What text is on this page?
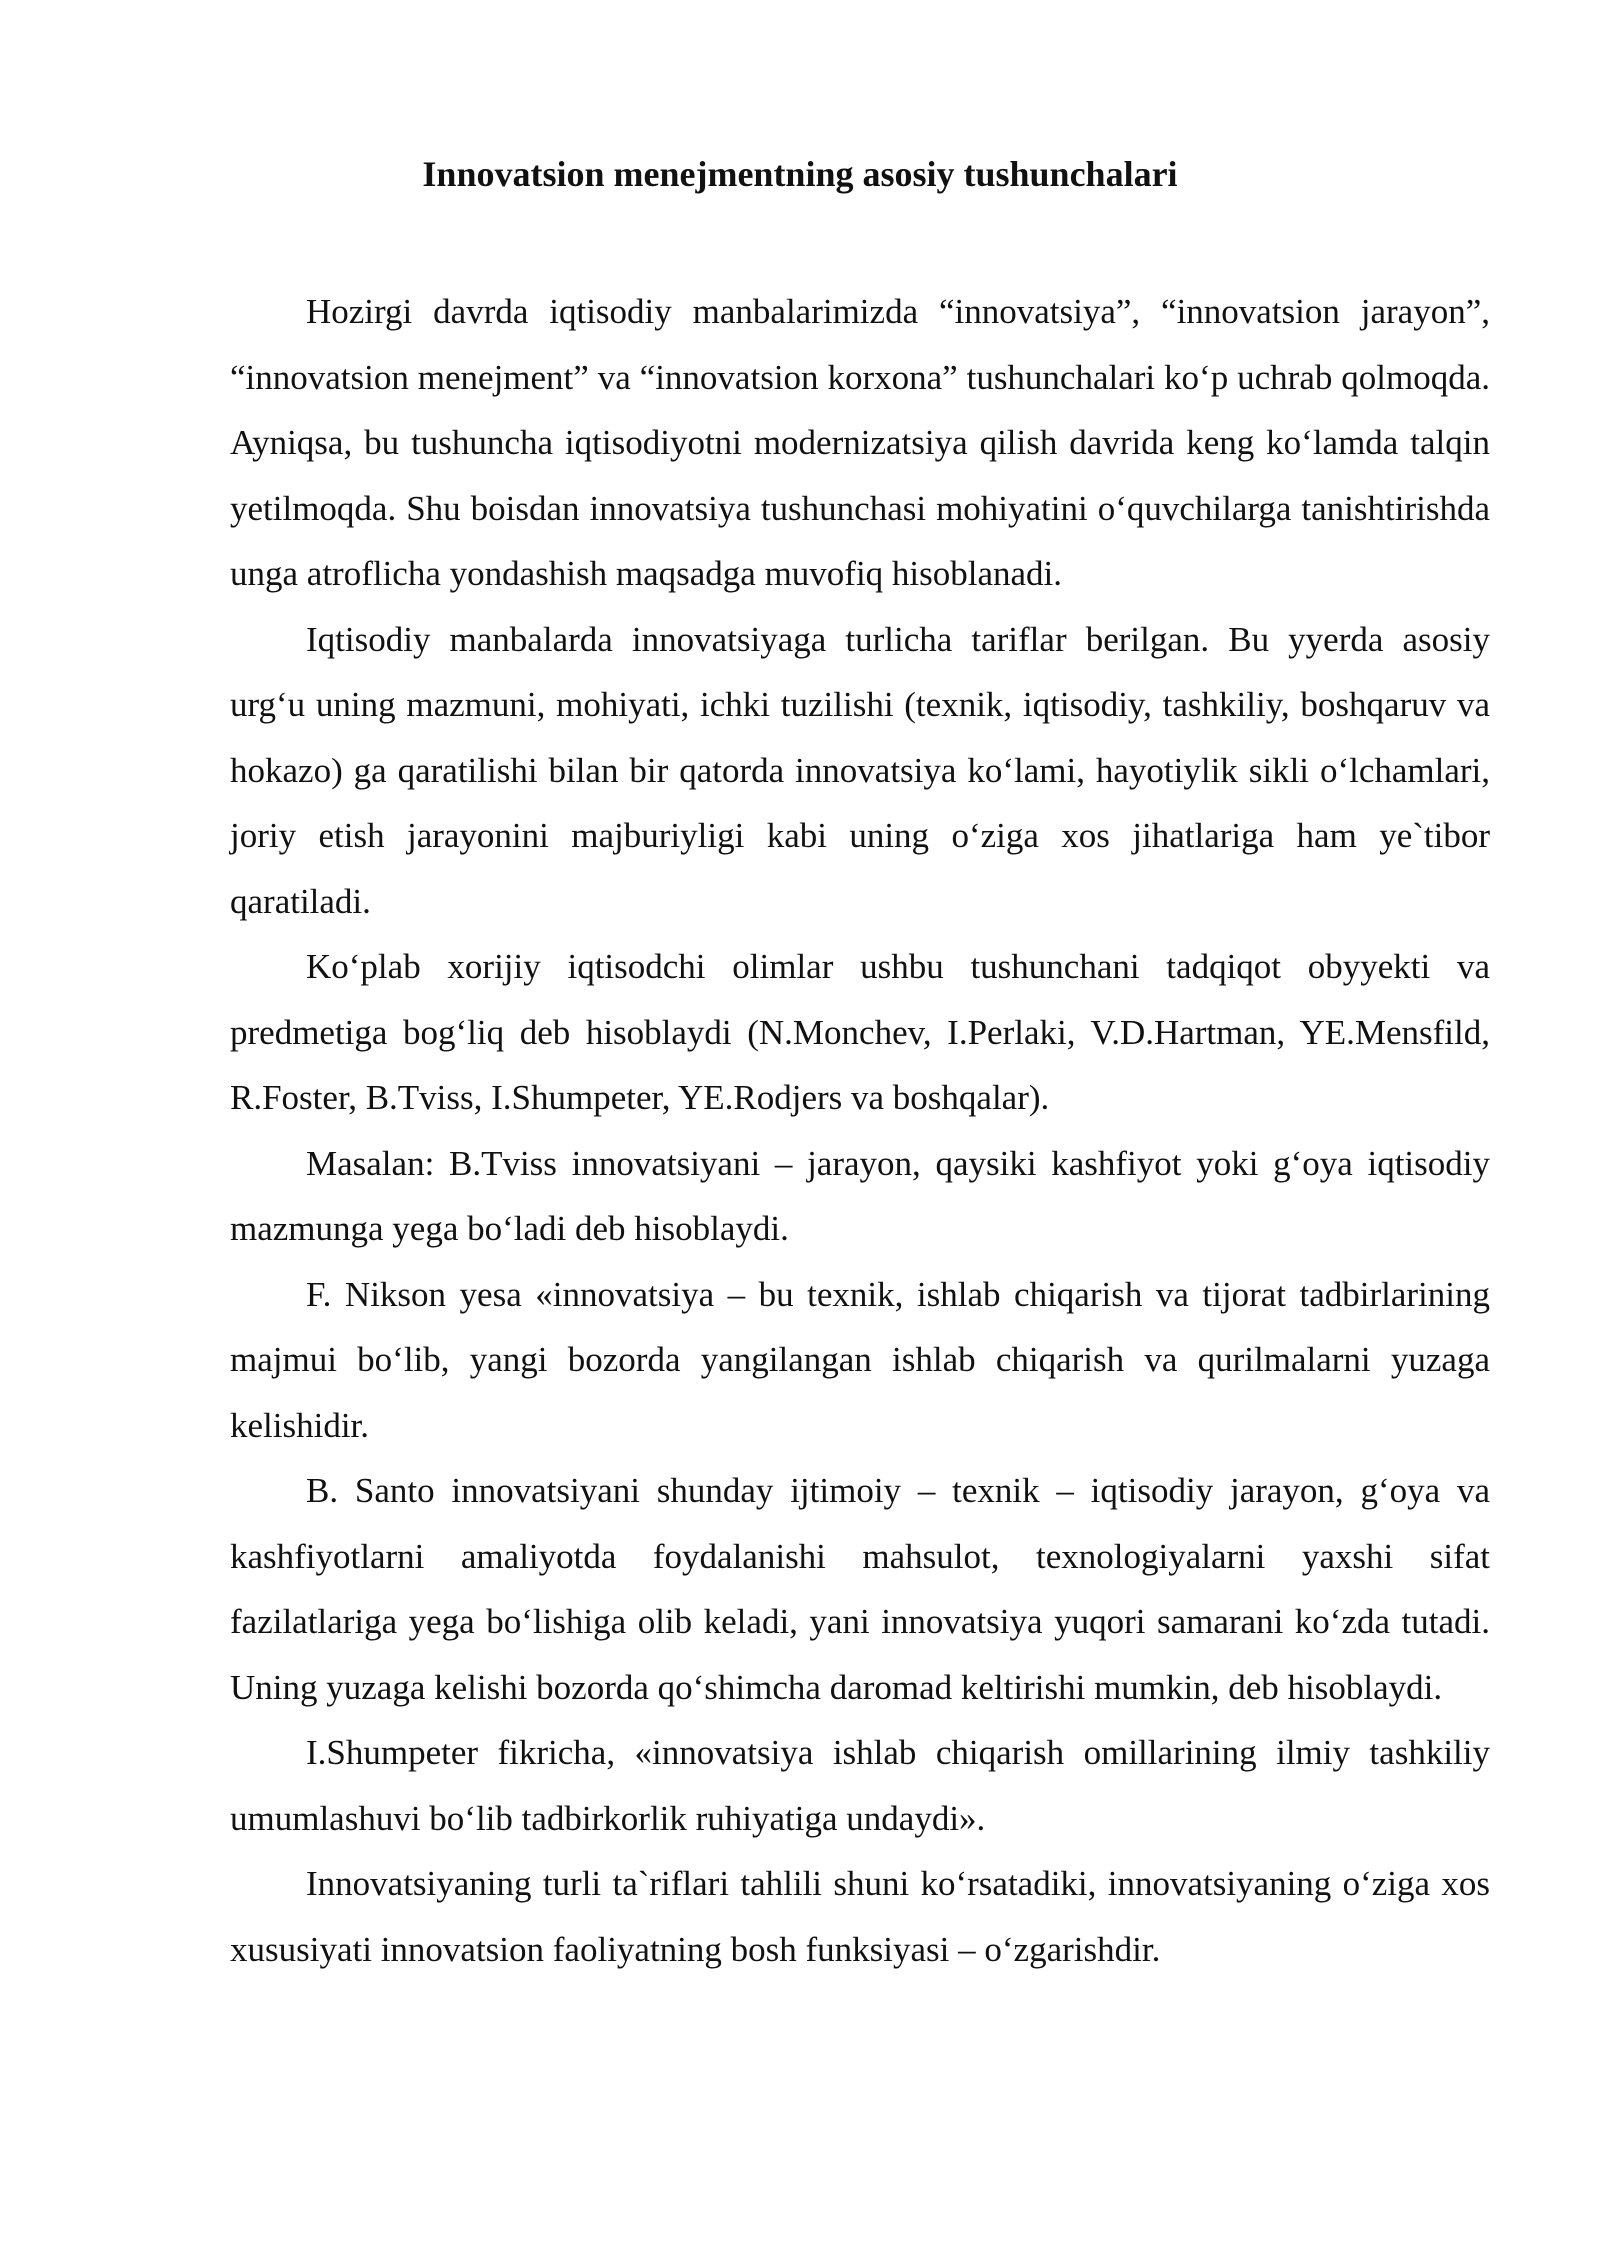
Innovatsion menejmentning asosiy tushunchalari

Hozirgi davrda iqtisodiy manbalarimizda “innovatsiya”, “innovatsion jarayon”, “innovatsion menejment” va “innovatsion korxona” tushunchalari ko‘p uchrab qolmoqda. Ayniqsa, bu tushuncha iqtisodiyotni modernizatsiya qilish davrida keng ko‘lamda talqin yetilmoqda. Shu boisdan innovatsiya tushunchasi mohiyatini o‘quvchilarga tanishtirishda unga atroflicha yondashish maqsadga muvofiq hisoblanadi.

Iqtisodiy manbalarda innovatsiyaga turlicha tariflar berilgan. Bu yyerda asosiy urg‘u uning mazmuni, mohiyati, ichki tuzilishi (texnik, iqtisodiy, tashkiliy, boshqaruv va hokazo) ga qaratilishi bilan bir qatorda innovatsiya ko‘lami, hayotiylik sikli o‘lchamlari, joriy etish jarayonini majburiyligi kabi uning o‘ziga xos jihatlariga ham ye`tibor qaratiladi.

Ko‘plab xorijiy iqtisodchi olimlar ushbu tushunchani tadqiqot obyyekti va predmetiga bog‘liq deb hisoblaydi (N.Monchev, I.Perlaki, V.D.Hartman, YE.Mensfild, R.Foster, B.Tviss, I.Shumpeter, YE.Rodjers va boshqalar).

Masalan: B.Tviss innovatsiyani – jarayon, qaysiki kashfiyot yoki g‘oya iqtisodiy mazmunga yega bo‘ladi deb hisoblaydi.

F. Nikson yesa «innovatsiya – bu texnik, ishlab chiqarish va tijorat tadbirlarining majmui bo‘lib, yangi bozorda yangilangan ishlab chiqarish va qurilmalarni yuzaga kelishidir.

B. Santo innovatsiyani shunday ijtimoiy – texnik – iqtisodiy jarayon, g‘oya va kashfiyotlarni amaliyotda foydalanishi mahsulot, texnologiyalarni yaxshi sifat fazilatlariga yega bo‘lishiga olib keladi, yani innovatsiya yuqori samarani ko‘zda tutadi. Uning yuzaga kelishi bozorda qo‘shimcha daromad keltirishi mumkin, deb hisoblaydi.

I.Shumpeter fikricha, «innovatsiya ishlab chiqarish omillarining ilmiy tashkiliy umumlashuvi bo‘lib tadbirkorlik ruhiyatiga undaydi».

Innovatsiyaning turli ta`riflari tahlili shuni ko‘rsatadiki, innovatsiyaning o‘ziga xos xususiyati innovatsion faoliyatning bosh funksiyasi – o‘zgarishdir.
